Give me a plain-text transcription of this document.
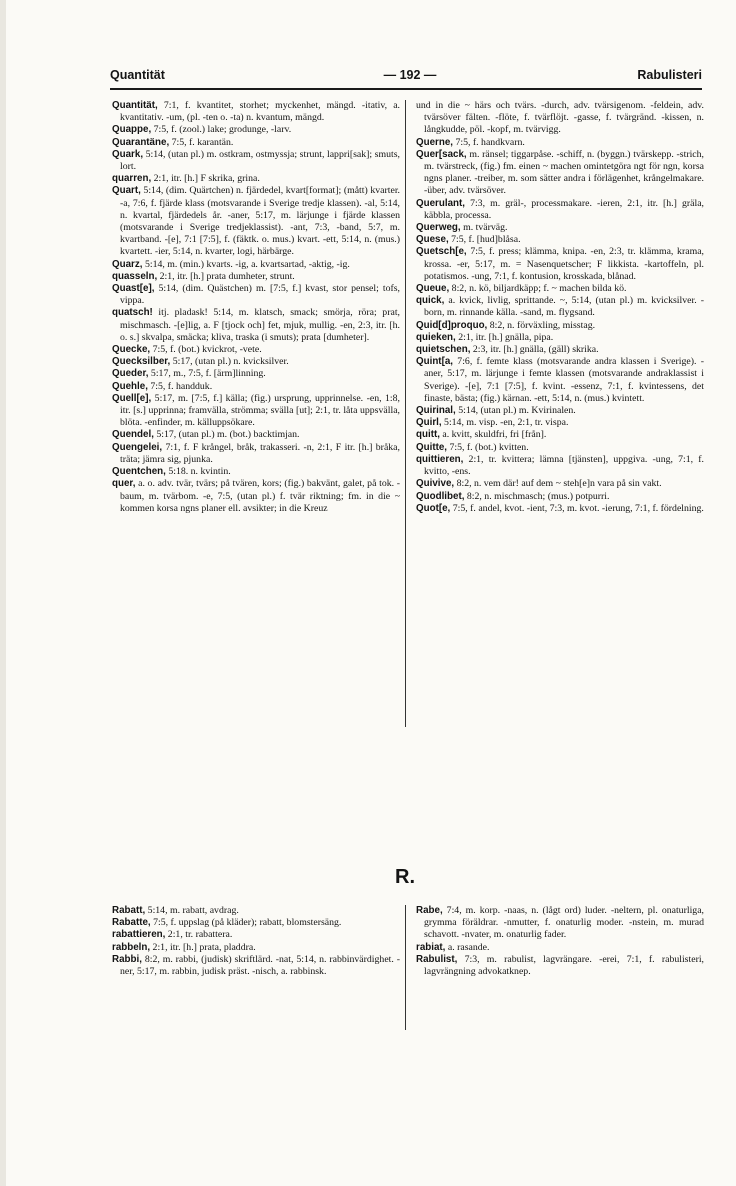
Quantität	— 192 —	Rabulisteri

Quantität, 7:1, f. kvantitet, storhet; myckenhet, mängd. -itativ, a. kvantitativ. -um, (pl. -ten o. -ta) n. kvantum, mängd.

Quappe, 7:5, f. (zool.) lake; grodunge, -larv.

Quarantäne, 7:5, f. karantän.

Quark, 5:14, (utan pl.) m. ostkram, ostmyssja; strunt, lappri[sak]; smuts, lort.

quarren, 2:1, itr. [h.] F skrika, grina.

Quart, 5:14, (dim. Quärtchen) n. fjärdedel, kvart[format]; (mått) kvarter. -a, 7:6, f. fjärde klass (motsvarande i Sverige tredje klassen). -al, 5:14, n. kvartal, fjärdedels år. -aner, 5:17, m. lärjunge i fjärde klassen (motsvarande i Sverige tredjeklassist). -ant, 7:3, -band, 5:7, m. kvartband. -[e], 7:1 [7:5], f. (fäktk. o. mus.) kvart. -ett, 5:14, n. (mus.) kvartett. -ier, 5:14, n. kvarter, logi, härbärge.

Quarz, 5:14, m. (min.) kvarts. -ig, a. kvartsartad, -aktig, -ig.

quasseln, 2:1, itr. [h.] prata dumheter, strunt.

Quast[e], 5:14, (dim. Quästchen) m. [7:5, f.] kvast, stor pensel; tofs, vippa.

quatsch! itj. pladask! 5:14, m. klatsch, smack; smörja, röra; prat, mischmasch. -[e]lig, a. F [tjock och] fet, mjuk, mullig. -en, 2:3, itr. [h. o. s.] skvalpa, smäcka; kliva, traska (i smuts); prata [dumheter].

Quecke, 7:5, f. (bot.) kvickrot, -vete.

Quecksilber, 5:17, (utan pl.) n. kvicksilver.

Queder, 5:17, m., 7:5, f. [ärm]linning.

Quehle, 7:5, f. handduk.

Quell[e], 5:17, m. [7:5, f.] källa; (fig.) ursprung, upprinnelse. -en, 1:8, itr. [s.] upprinna; framvälla, strömma; svälla [ut]; 2:1, tr. låta uppsvälla, blöta. -enfinder, m. källuppsökare.

Quendel, 5:17, (utan pl.) m. (bot.) backtimjan.

Quengelei, 7:1, f. F krångel, bråk, trakasseri. -n, 2:1, F itr. [h.] bråka, träta; jämra sig, pjunka.

Quentchen, 5:18. n. kvintin.

quer, a. o. adv. tvär, tvärs; på tvären, kors; (fig.) bakvänt, galet, på tok. -baum, m. tvärbom. -e, 7:5, (utan pl.) f. tvär riktning; fm. in die ~ kommen korsa ngns planer ell. avsikter; in die Kreuz

und in die ~ härs och tvärs. -durch, adv. tvärsigenom. -feldein, adv. tvärsöver fälten. -flöte, f. tvärflöjt. -gasse, f. tvärgränd. -kissen, n. långkudde, pöl. -kopf, m. tvärvigg.

Querne, 7:5, f. handkvarn.

Quer[sack, m. ränsel; tiggarpåse. -schiff, n. (byggn.) tvärskepp. -strich, m. tvärstreck, (fig.) fm. einen ~ machen omintetgöra ngt för ngn, korsa ngns planer. -treiber, m. som sätter andra i förlägenhet, krångelmakare. -über, adv. tvärsöver.

Querulant, 7:3, m. gräl-, processmakare. -ieren, 2:1, itr. [h.] gräla, käbbla, processa.

Querweg, m. tvärväg.

Quese, 7:5, f. [hud]blåsa.

Quetsch[e, 7:5, f. press; klämma, knipa. -en, 2:3, tr. klämma, krama, krossa. -er, 5:17, m. = Nasenquetscher; F likkista. -kartoffeln, pl. potatismos. -ung, 7:1, f. kontusion, krosskada, blånad.

Queue, 8:2, n. kö, biljardkäpp; f. ~ machen bilda kö.

quick, a. kvick, livlig, sprittande. ~, 5:14, (utan pl.) m. kvicksilver. -born, m. rinnande källa. -sand, m. flygsand.

Quid[d]proquo, 8:2, n. förväxling, misstag.

quieken, 2:1, itr. [h.] gnälla, pipa.

quietschen, 2:3, itr. [h.] gnälla, (gäll) skrika.

Quint[a, 7:6, f. femte klass (motsvarande andra klassen i Sverige). -aner, 5:17, m. lärjunge i femte klassen (motsvarande andraklassist i Sverige). -[e], 7:1 [7:5], f. kvint. -essenz, 7:1, f. kvintessens, det finaste, bästa; (fig.) kärnan. -ett, 5:14, n. (mus.) kvintett.

Quirinal, 5:14, (utan pl.) m. Kvirinalen.

Quirl, 5:14, m. visp. -en, 2:1, tr. vispa.

quitt, a. kvitt, skuldfri, fri [från].

Quitte, 7:5, f. (bot.) kvitten.

quittieren, 2:1, tr. kvittera; lämna [tjänsten], uppgiva. -ung, 7:1, f. kvitto, -ens.

Quivive, 8:2, n. vem där! auf dem ~ steh[e]n vara på sin vakt.

Quodlibet, 8:2, n. mischmasch; (mus.) potpurri.

Quot[e, 7:5, f. andel, kvot. -ient, 7:3, m. kvot. -ierung, 7:1, f. fördelning.

R.

Rabatt, 5:14, m. rabatt, avdrag.

Rabatte, 7:5, f. uppslag (på kläder); rabatt, blomstersäng.

rabattieren, 2:1, tr. rabattera.

rabbeln, 2:1, itr. [h.] prata, pladdra.

Rabbi, 8:2, m. rabbi, (judisk) skriftlärd. -nat, 5:14, n. rabbinvärdighet. -ner, 5:17, m. rabbin, judisk präst. -nisch, a. rabbinsk.

Rabe, 7:4, m. korp. -naas, n. (lågt ord) luder. -neltern, pl. onaturliga, grymma föräldrar. -nmutter, f. onaturlig moder. -nstein, m. murad schavott. -nvater, m. onaturlig fader.

rabiat, a. rasande.

Rabulist, 7:3, m. rabulist, lagvrängare. -erei, 7:1, f. rabulisteri, lagvrängning advokatknep.
